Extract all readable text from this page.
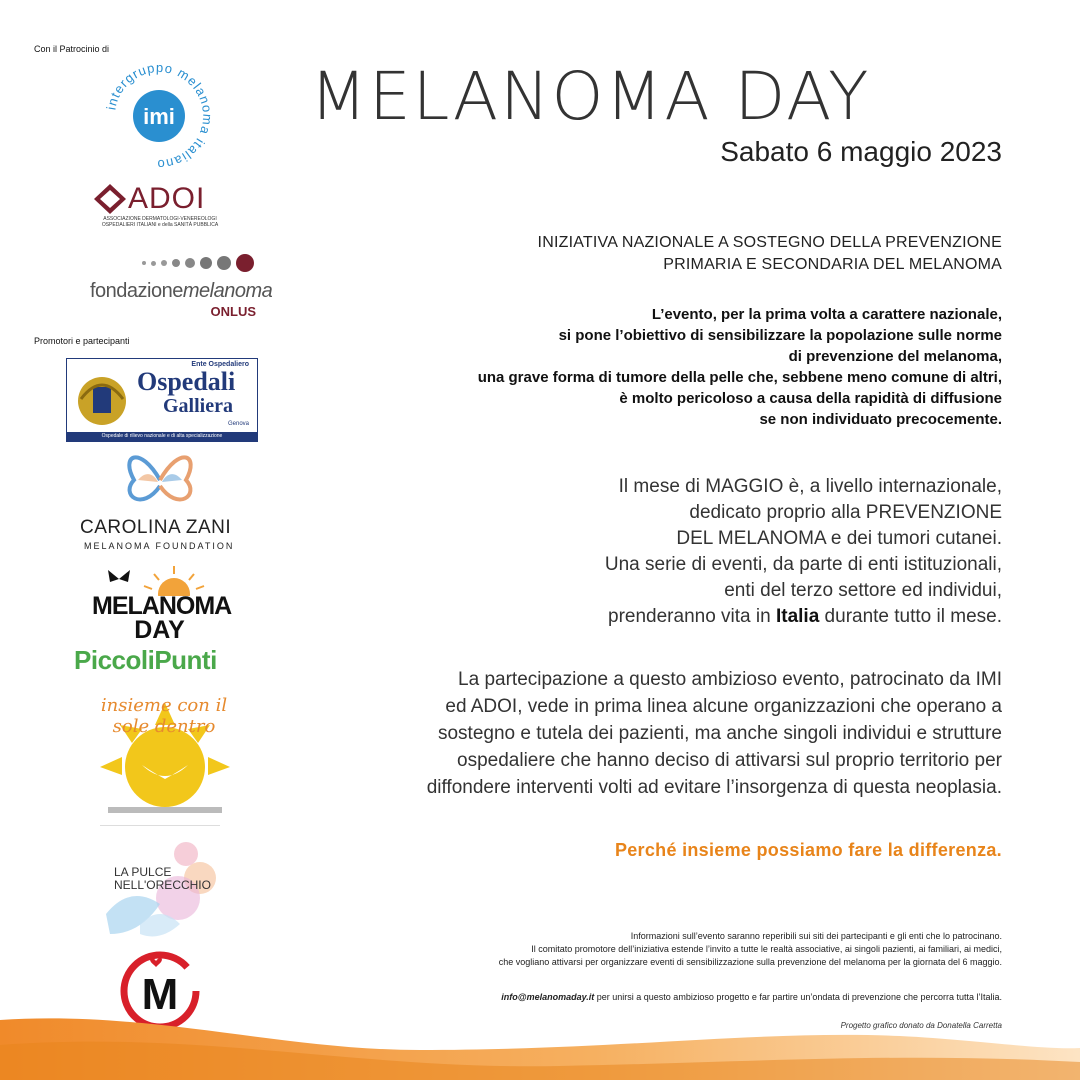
Con il Patrocinio di
imi
intergruppo melan a italiano
ADOI
ASSOCIAZIONE DERMATOLOGI-VENEREOLOGI OSPEDALIERI ITALIANI e della SANITÀ PUBBLICA
fondazionemelanoma
ONLUS
Promotori e partecipanti
Ente Ospedaliero
Ospedali
Galliera
Genova
Ospedale di rilievo nazionale e di alta specializzazione
CAROLINA ZANI
MELANOMA FOUNDATION
MELANOMA
DAY
PiccoliPunti
insieme con il sole dentro
LA PULCE
NELL'ORECCHIO
M
MELANOMA DAY
Sabato 6 maggio 2023
INIZIATIVA NAZIONALE A SOSTEGNO DELLA PREVENZIONE
PRIMARIA E SECONDARIA DEL MELANOMA
L’evento, per la prima volta a carattere nazionale,
si pone l’obiettivo di sensibilizzare la popolazione sulle norme
di prevenzione del melanoma,
una grave forma di tumore della pelle che, sebbene meno comune di altri,
è molto pericoloso a causa della rapidità di diffusione
se non individuato precocemente.
Il mese di MAGGIO è, a livello internazionale,
dedicato proprio alla PREVENZIONE
DEL MELANOMA e dei tumori cutanei.
Una serie di eventi, da parte di enti istituzionali,
enti del terzo settore ed individui,
prenderanno vita in Italia durante tutto il mese.
La partecipazione a questo ambizioso evento, patrocinato da IMI
ed ADOI, vede in prima linea alcune organizzazioni che operano a
sostegno e tutela dei pazienti, ma anche singoli individui e strutture
ospedaliere che hanno deciso di attivarsi sul proprio territorio per
diffondere interventi volti ad evitare l’insorgenza di questa neoplasia.
Perché insieme possiamo fare la differenza.
Informazioni sull’evento saranno reperibili sui siti dei partecipanti e gli enti che lo patrocinano.
Il comitato promotore dell’iniziativa estende l’invito a tutte le realtà associative, ai singoli pazienti, ai familiari, ai medici,
che vogliano attivarsi per organizzare eventi di sensibilizzazione sulla prevenzione del melanoma per la giornata del 6 maggio.
info@melanomaday.it per unirsi a questo ambizioso progetto e far partire un’ondata di prevenzione che percorra tutta l’Italia.
Progetto grafico donato da Donatella Carretta
